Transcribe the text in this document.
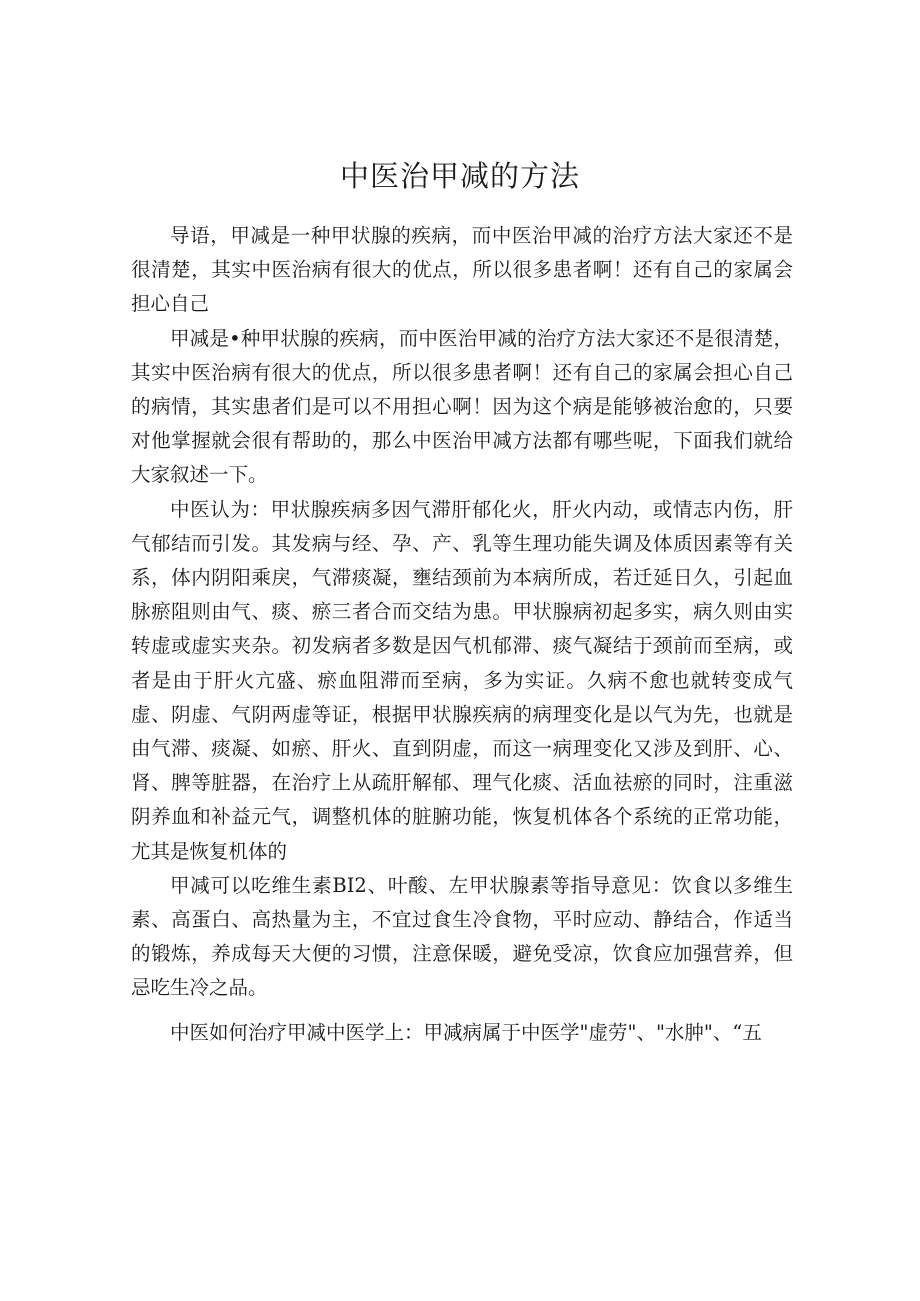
中医治甲减的方法

导语，甲减是一种甲状腺的疾病，而中医治甲减的治疗方法大家还不是很清楚，其实中医治病有很大的优点，所以很多患者啊！还有自己的家属会担心自己

甲减是•种甲状腺的疾病，而中医治甲减的治疗方法大家还不是很清楚，其实中医治病有很大的优点，所以很多患者啊！还有自己的家属会担心自己的病情，其实患者们是可以不用担心啊！因为这个病是能够被治愈的，只要对他掌握就会很有帮助的，那么中医治甲减方法都有哪些呢，下面我们就给大家叙述一下。

中医认为：甲状腺疾病多因气滞肝郁化火，肝火内动，或情志内伤，肝气郁结而引发。其发病与经、孕、产、乳等生理功能失调及体质因素等有关系，体内阴阳乘戾，气滞痰凝，壅结颈前为本病所成，若迁延日久，引起血脉瘀阻则由气、痰、瘀三者合而交结为患。甲状腺病初起多实，病久则由实转虚或虚实夹杂。初发病者多数是因气机郁滞、痰气凝结于颈前而至病，或者是由于肝火亢盛、瘀血阻滞而至病，多为实证。久病不愈也就转变成气虚、阴虚、气阴两虚等证，根据甲状腺疾病的病理变化是以气为先，也就是由气滞、痰凝、如瘀、肝火、直到阴虚，而这一病理变化又涉及到肝、心、肾、脾等脏器，在治疗上从疏肝解郁、理气化痰、活血祛瘀的同时，注重滋阴养血和补益元气，调整机体的脏腑功能，恢复机体各个系统的正常功能，尤其是恢复机体的

甲减可以吃维生素BI2、叶酸、左甲状腺素等指导意见：饮食以多维生素、高蛋白、高热量为主，不宜过食生冷食物，平时应动、静结合，作适当的锻炼，养成每天大便的习惯，注意保暖，避免受凉，饮食应加强营养，但忌吃生冷之品。

中医如何治疗甲减中医学上：甲减病属于中医学"虚劳"、"水肿"、“五
